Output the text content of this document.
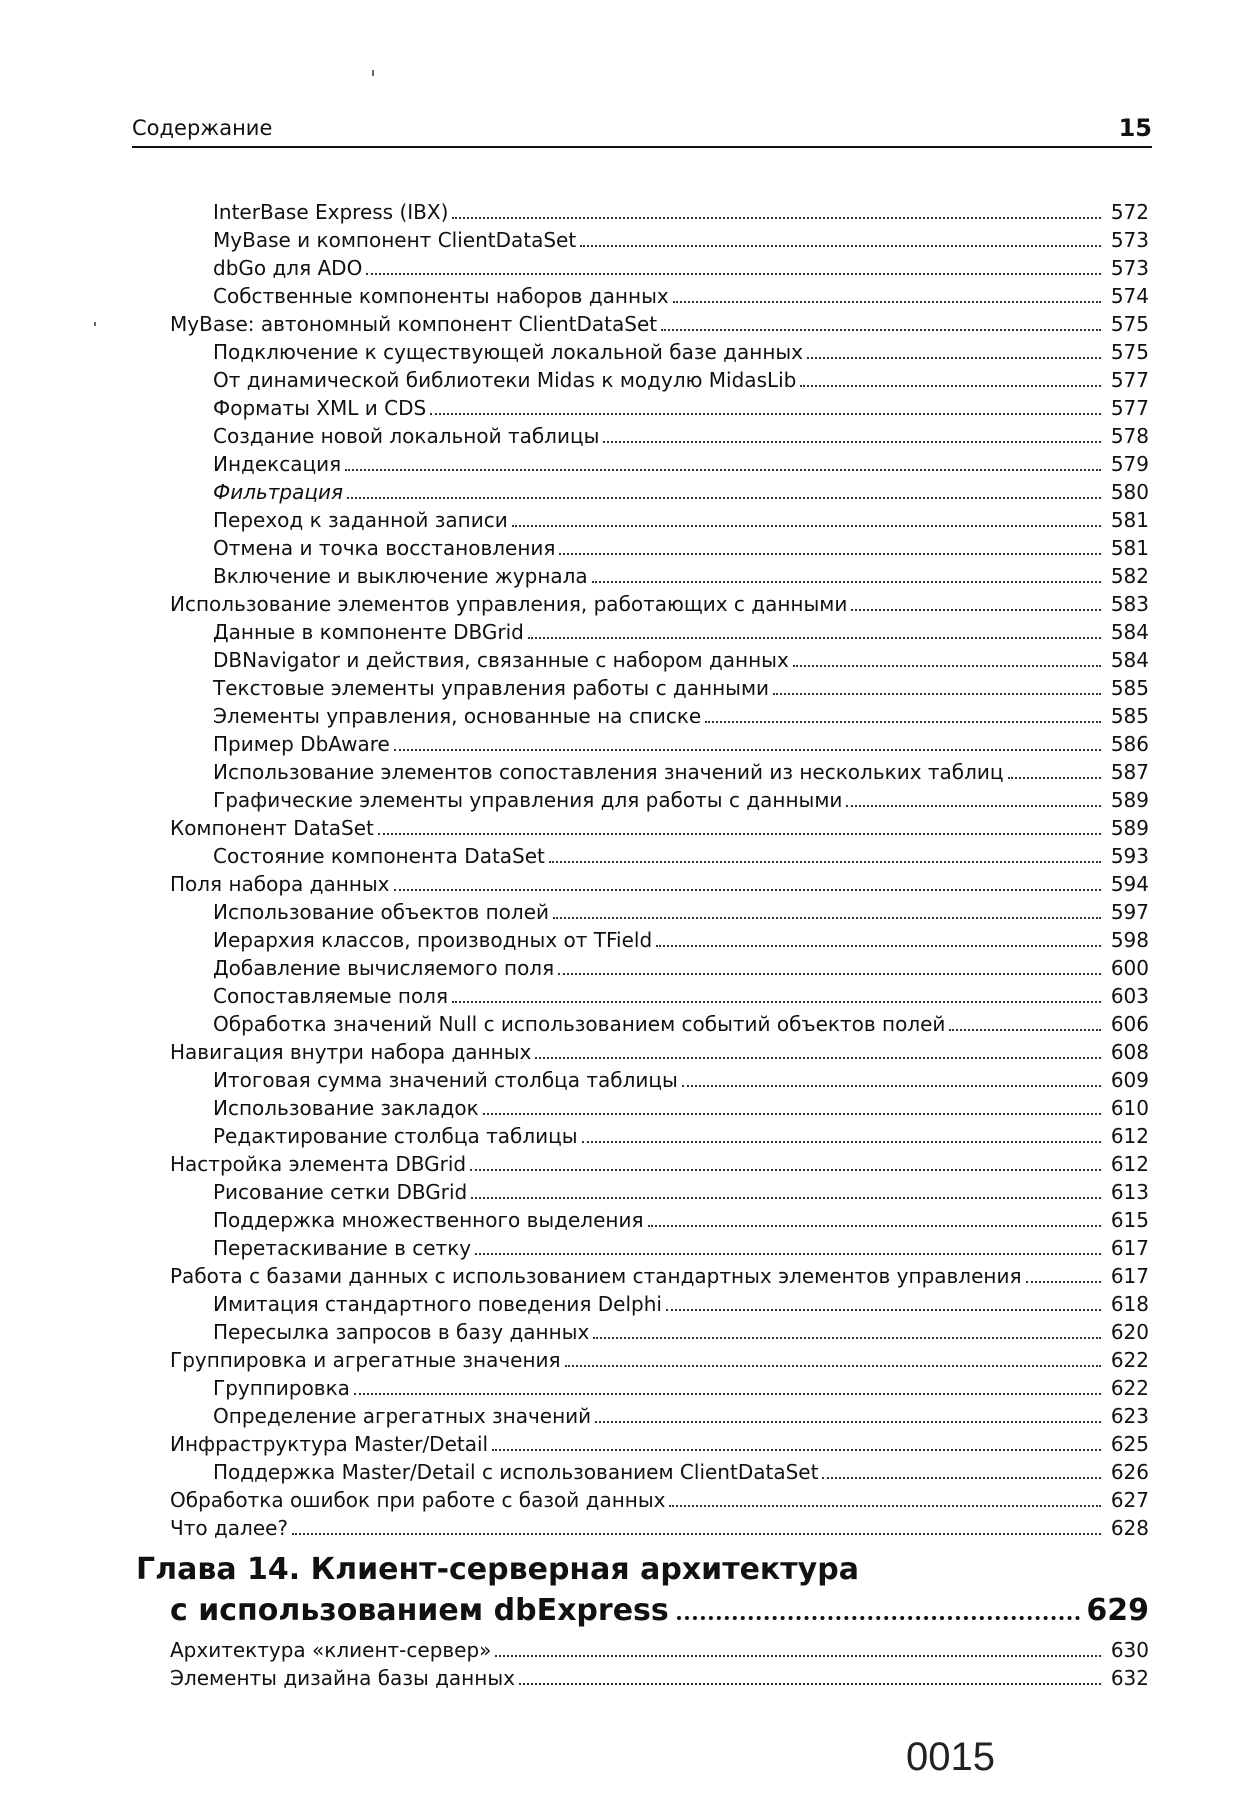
Содержание	15
InterBase Express (IBX)	572
MyBase и компонент ClientDataSet	573
dbGo для ADO	573
Собственные компоненты наборов данных	574
MyBase: автономный компонент ClientDataSet	575
Подключение к существующей локальной базе данных	575
От динамической библиотеки Midas к модулю MidasLib	577
Форматы XML и CDS	577
Создание новой локальной таблицы	578
Индексация	579
Фильтрация	580
Переход к заданной записи	581
Отмена и точка восстановления	581
Включение и выключение журнала	582
Использование элементов управления, работающих с данными	583
Данные в компоненте DBGrid	584
DBNavigator и действия, связанные с набором данных	584
Текстовые элементы управления работы с данными	585
Элементы управления, основанные на списке	585
Пример DbAware	586
Использование элементов сопоставления значений из нескольких таблиц	587
Графические элементы управления для работы с данными	589
Компонент DataSet	589
Состояние компонента DataSet	593
Поля набора данных	594
Использование объектов полей	597
Иерархия классов, производных от TField	598
Добавление вычисляемого поля	600
Сопоставляемые поля	603
Обработка значений Null с использованием событий объектов полей	606
Навигация внутри набора данных	608
Итоговая сумма значений столбца таблицы	609
Использование закладок	610
Редактирование столбца таблицы	612
Настройка элемента DBGrid	612
Рисование сетки DBGrid	613
Поддержка множественного выделения	615
Перетаскивание в сетку	617
Работа с базами данных с использованием стандартных элементов управления	617
Имитация стандартного поведения Delphi	618
Пересылка запросов в базу данных	620
Группировка и агрегатные значения	622
Группировка	622
Определение агрегатных значений	623
Инфраструктура Master/Detail	625
Поддержка Master/Detail с использованием ClientDataSet	626
Обработка ошибок при работе с базой данных	627
Что далее?	628
Глава 14. Клиент-серверная архитектура
с использованием dbExpress	629
Архитектура «клиент-сервер»	630
Элементы дизайна базы данных	632
0015
